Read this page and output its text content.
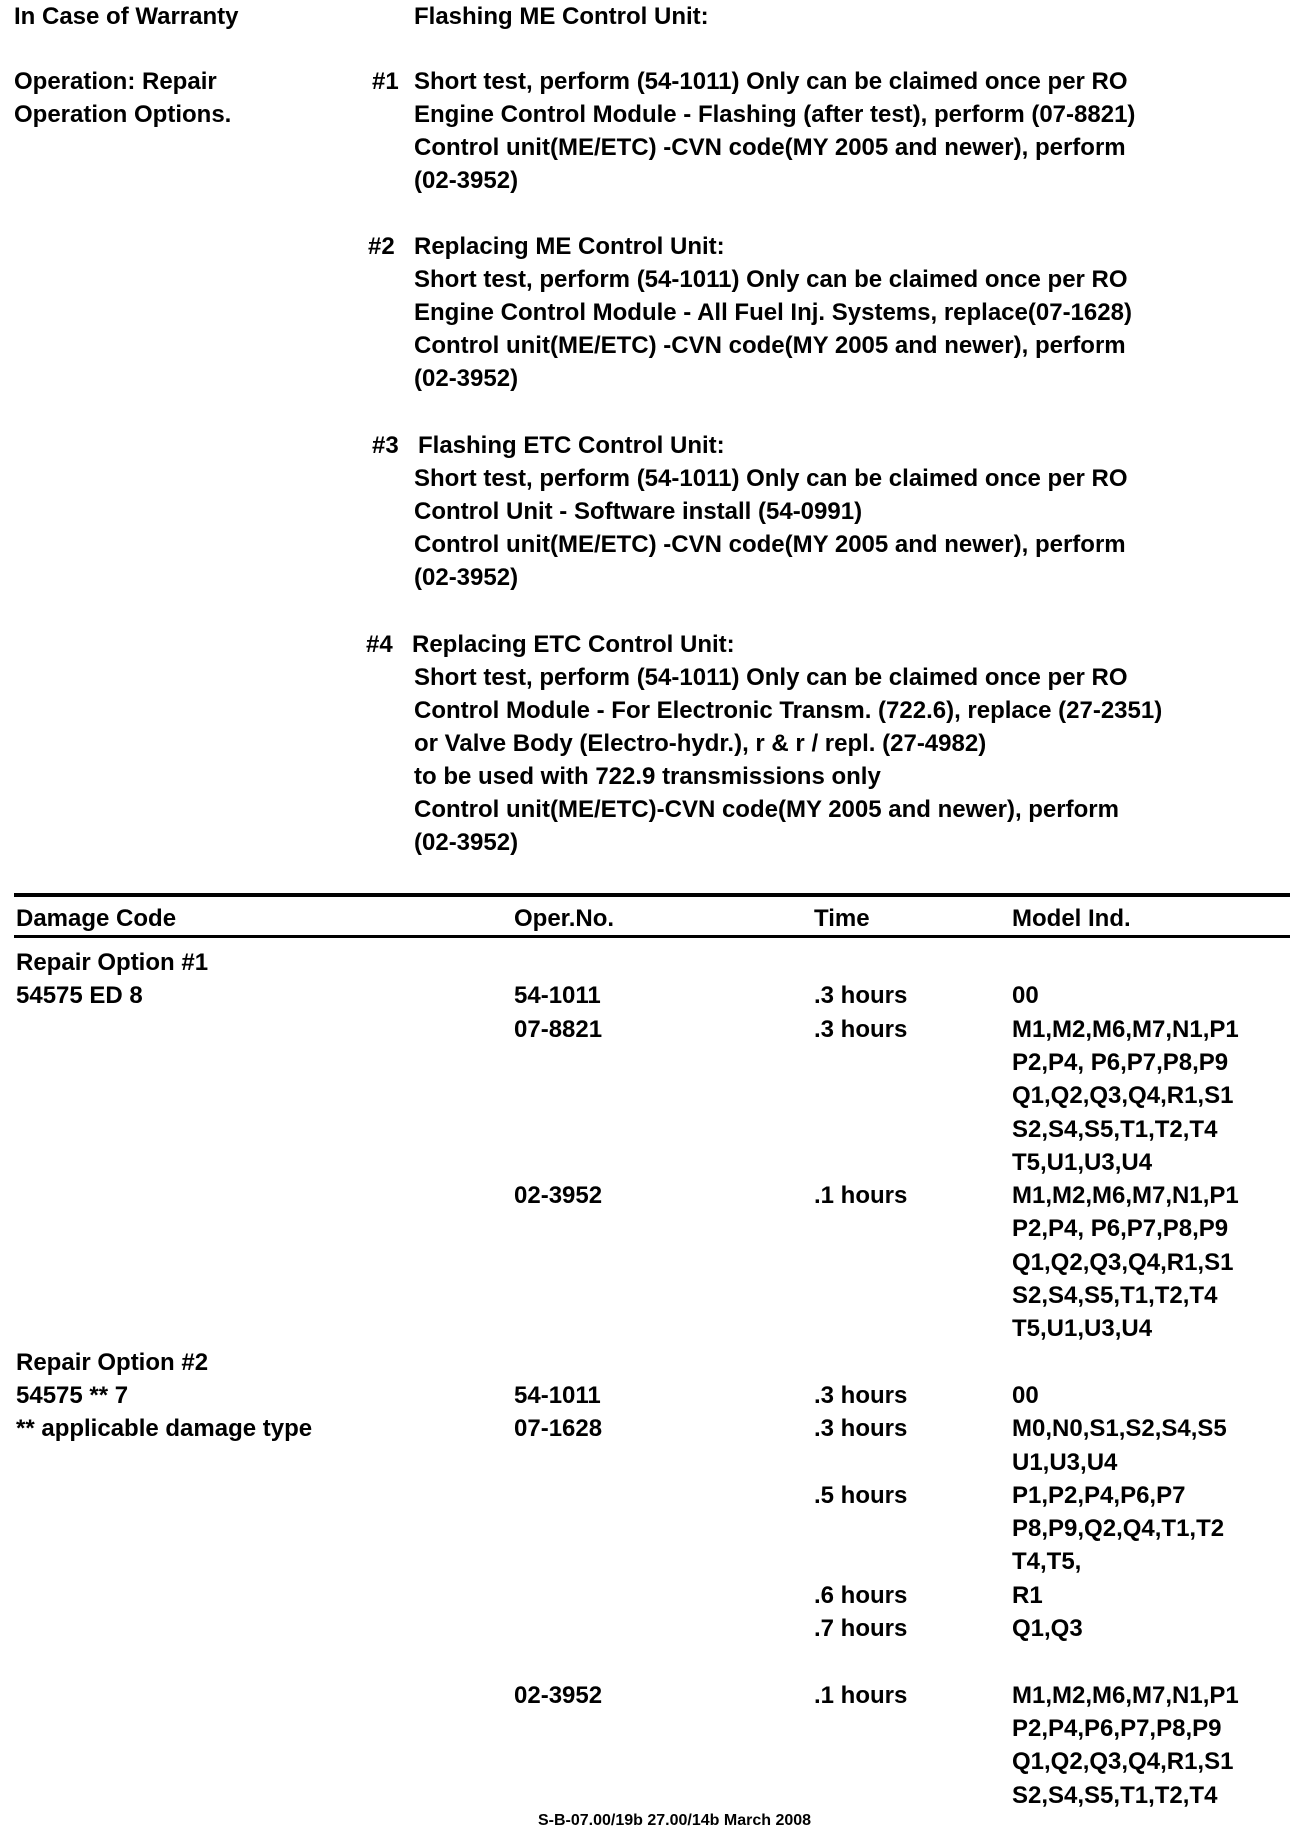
In Case of Warranty	Flashing ME Control Unit:
Operation: Repair
Operation Options.
#1 Short test, perform (54-1011) Only can be claimed once per RO
Engine Control Module - Flashing (after test), perform (07-8821)
Control unit(ME/ETC) -CVN code(MY 2005 and newer), perform
(02-3952)
#2 Replacing ME Control Unit:
Short test, perform (54-1011) Only can be claimed once per RO
Engine Control Module - All Fuel Inj. Systems, replace(07-1628)
Control unit(ME/ETC) -CVN code(MY 2005 and newer), perform
(02-3952)
#3 Flashing ETC Control Unit:
Short test, perform (54-1011) Only can be claimed once per RO
Control Unit - Software install (54-0991)
Control unit(ME/ETC) -CVN code(MY 2005 and newer), perform
(02-3952)
#4 Replacing ETC Control Unit:
Short test, perform (54-1011) Only can be claimed once per RO
Control Module - For Electronic Transm. (722.6), replace (27-2351)
or Valve Body (Electro-hydr.), r & r / repl. (27-4982)
to be used with 722.9 transmissions only
Control unit(ME/ETC)-CVN code(MY 2005 and newer), perform
(02-3952)
Damage Code	Oper.No.	Time	Model Ind.
Repair Option #1
54575 ED 8	54-1011	.3 hours	00
07-8821	.3 hours	M1,M2,M6,M7,N1,P1
P2,P4, P6,P7,P8,P9
Q1,Q2,Q3,Q4,R1,S1
S2,S4,S5,T1,T2,T4
T5,U1,U3,U4
02-3952	.1 hours	M1,M2,M6,M7,N1,P1
P2,P4, P6,P7,P8,P9
Q1,Q2,Q3,Q4,R1,S1
S2,S4,S5,T1,T2,T4
T5,U1,U3,U4
Repair Option #2
54575 ** 7	54-1011	.3 hours	00
** applicable damage type	07-1628	.3 hours	M0,N0,S1,S2,S4,S5
U1,U3,U4
.5 hours	P1,P2,P4,P6,P7
P8,P9,Q2,Q4,T1,T2
T4,T5,
.6 hours	R1
.7 hours	Q1,Q3
02-3952	.1 hours	M1,M2,M6,M7,N1,P1
P2,P4,P6,P7,P8,P9
Q1,Q2,Q3,Q4,R1,S1
S2,S4,S5,T1,T2,T4
S-B-07.00/19b 27.00/14b March 2008
